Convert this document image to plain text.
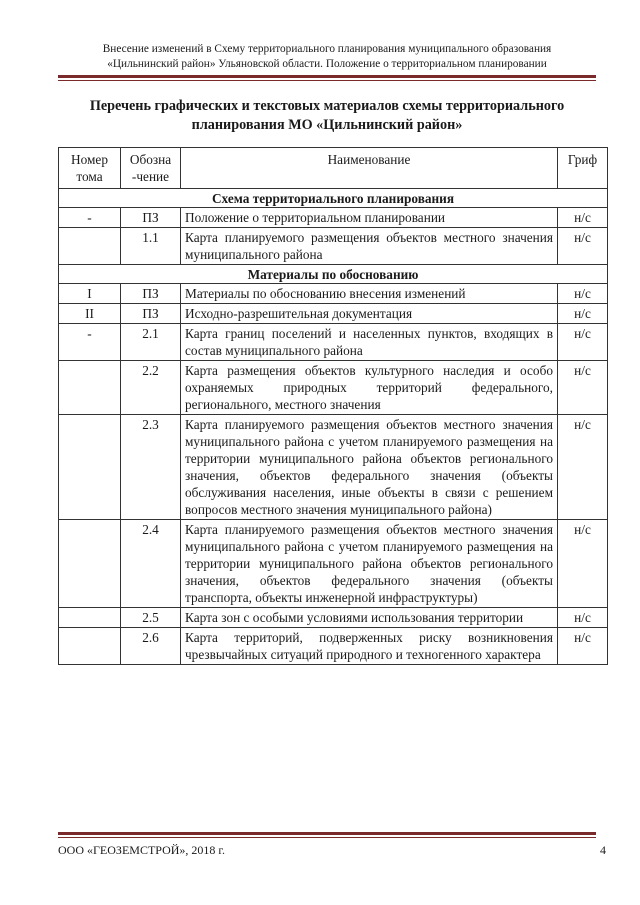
Внесение изменений в Схему территориального планирования муниципального образования
«Цильнинский район» Ульяновской области. Положение о территориальном планировании
Перечень графических и текстовых материалов схемы территориального
планирования МО «Цильнинский район»
Номер тома	Обозна -чение	Наименование	Гриф
Схема территориального планирования			
-	ПЗ	Положение о территориальном планировании	н/с
	1.1	Карта планируемого размещения объектов местного значения муниципального района	н/с
Материалы по обоснованию			
I	ПЗ	Материалы по обоснованию внесения изменений	н/с
II	ПЗ	Исходно-разрешительная документация	н/с
-	2.1	Карта границ поселений и населенных пунктов, входящих в состав муниципального района	н/с
	2.2	Карта размещения объектов культурного наследия и особо охраняемых природных территорий федерального, регионального, местного значения	н/с
	2.3	Карта планируемого размещения объектов местного значения муниципального района с учетом планируемого размещения на территории муниципального района объектов регионального значения, объектов федерального значения (объекты обслуживания населения, иные объекты в связи с решением вопросов местного значения муниципального района)	н/с
	2.4	Карта планируемого размещения объектов местного значения муниципального района с учетом планируемого размещения на территории муниципального района объектов регионального значения, объектов федерального значения (объекты транспорта, объекты инженерной инфраструктуры)	н/с
	2.5	Карта зон с особыми условиями использования территории	н/с
	2.6	Карта территорий, подверженных риску возникновения чрезвычайных ситуаций природного и техногенного характера	н/с
ООО «ГЕОЗЕМСТРОЙ», 2018 г.	4
